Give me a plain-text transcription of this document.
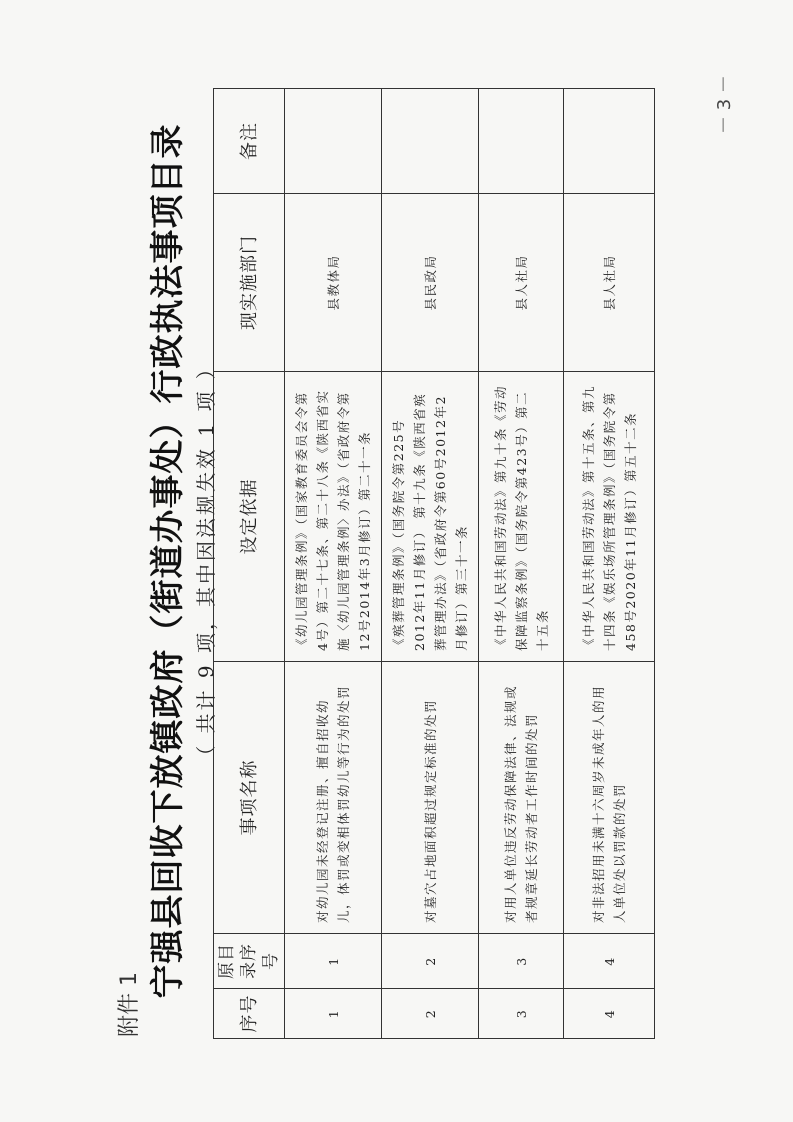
－ 3 －
附件 1
宁强县回收下放镇政府（街道办事处）行政执法事项目录 （ 共计 9 项，其中因法规失效 1 项 ）
序号	原目录序号	事项名称	设定依据	现实施部门	备注
1	1	对幼儿园未经登记注册、擅自招收幼儿，体罚或变相体罚幼儿等行为的处罚	《幼儿园管理条例》（国家教育委员会令第4号）第二十七条、第二十八条《陕西省实施〈幼儿园管理条例〉办法》（省政府令第12号2014年3月修订）第二十一条	县教体局	
2	2	对墓穴占地面积超过规定标准的处罚	《殡葬管理条例》（国务院令第225号2012年11月修订） 第十九条《陕西省殡葬管理办法》（省政府令第60号2012年2月修订）第三十一条	县民政局	
3	3	对用人单位违反劳动保障法律、法规或者规章延长劳动者工作时间的处罚	《中华人民共和国劳动法》第九十条《劳动保障监察条例》（国务院令第423号）第二十五条	县人社局	
4	4	对非法招用未满十六周岁未成年人的用人单位处以罚款的处罚	《中华人民共和国劳动法》第十五条、第九十四条《娱乐场所管理条例》（国务院令第458号2020年11月修订）第五十二条	县人社局	
